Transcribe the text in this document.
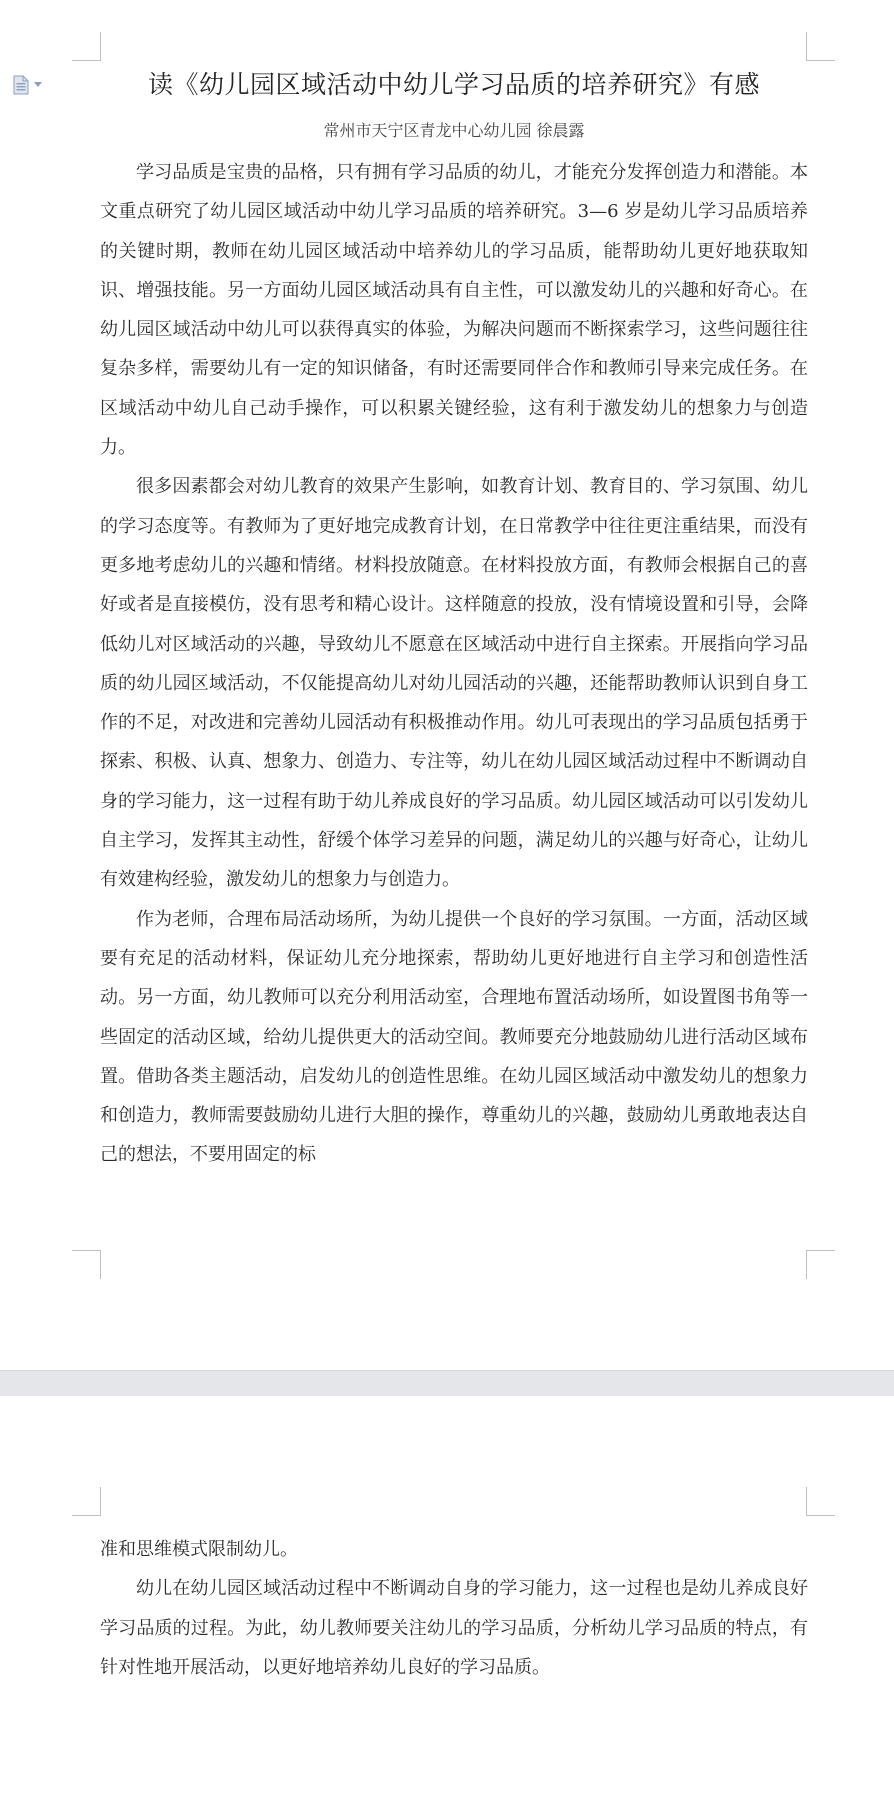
读《幼儿园区域活动中幼儿学习品质的培养研究》有感
常州市天宁区青龙中心幼儿园 徐晨露

学习品质是宝贵的品格，只有拥有学习品质的幼儿，才能充分发挥创造力和潜能。本文重点研究了幼儿园区域活动中幼儿学习品质的培养研究。3—6 岁是幼儿学习品质培养的关键时期，教师在幼儿园区域活动中培养幼儿的学习品质，能帮助幼儿更好地获取知识、增强技能。另一方面幼儿园区域活动具有自主性，可以激发幼儿的兴趣和好奇心。在幼儿园区域活动中幼儿可以获得真实的体验，为解决问题而不断探索学习，这些问题往往复杂多样，需要幼儿有一定的知识储备，有时还需要同伴合作和教师引导来完成任务。在区域活动中幼儿自己动手操作，可以积累关键经验，这有利于激发幼儿的想象力与创造力。

很多因素都会对幼儿教育的效果产生影响，如教育计划、教育目的、学习氛围、幼儿的学习态度等。有教师为了更好地完成教育计划，在日常教学中往往更注重结果，而没有更多地考虑幼儿的兴趣和情绪。材料投放随意。在材料投放方面，有教师会根据自己的喜好或者是直接模仿，没有思考和精心设计。这样随意的投放，没有情境设置和引导，会降低幼儿对区域活动的兴趣，导致幼儿不愿意在区域活动中进行自主探索。开展指向学习品质的幼儿园区域活动，不仅能提高幼儿对幼儿园活动的兴趣，还能帮助教师认识到自身工作的不足，对改进和完善幼儿园活动有积极推动作用。幼儿可表现出的学习品质包括勇于探索、积极、认真、想象力、创造力、专注等，幼儿在幼儿园区域活动过程中不断调动自身的学习能力，这一过程有助于幼儿养成良好的学习品质。幼儿园区域活动可以引发幼儿自主学习，发挥其主动性，舒缓个体学习差异的问题，满足幼儿的兴趣与好奇心，让幼儿有效建构经验，激发幼儿的想象力与创造力。

作为老师，合理布局活动场所，为幼儿提供一个良好的学习氛围。一方面，活动区域要有充足的活动材料，保证幼儿充分地探索，帮助幼儿更好地进行自主学习和创造性活动。另一方面，幼儿教师可以充分利用活动室，合理地布置活动场所，如设置图书角等一些固定的活动区域，给幼儿提供更大的活动空间。教师要充分地鼓励幼儿进行活动区域布置。借助各类主题活动，启发幼儿的创造性思维。在幼儿园区域活动中激发幼儿的想象力和创造力，教师需要鼓励幼儿进行大胆的操作，尊重幼儿的兴趣，鼓励幼儿勇敢地表达自己的想法，不要用固定的标

准和思维模式限制幼儿。

幼儿在幼儿园区域活动过程中不断调动自身的学习能力，这一过程也是幼儿养成良好学习品质的过程。为此，幼儿教师要关注幼儿的学习品质，分析幼儿学习品质的特点，有针对性地开展活动，以更好地培养幼儿良好的学习品质。
